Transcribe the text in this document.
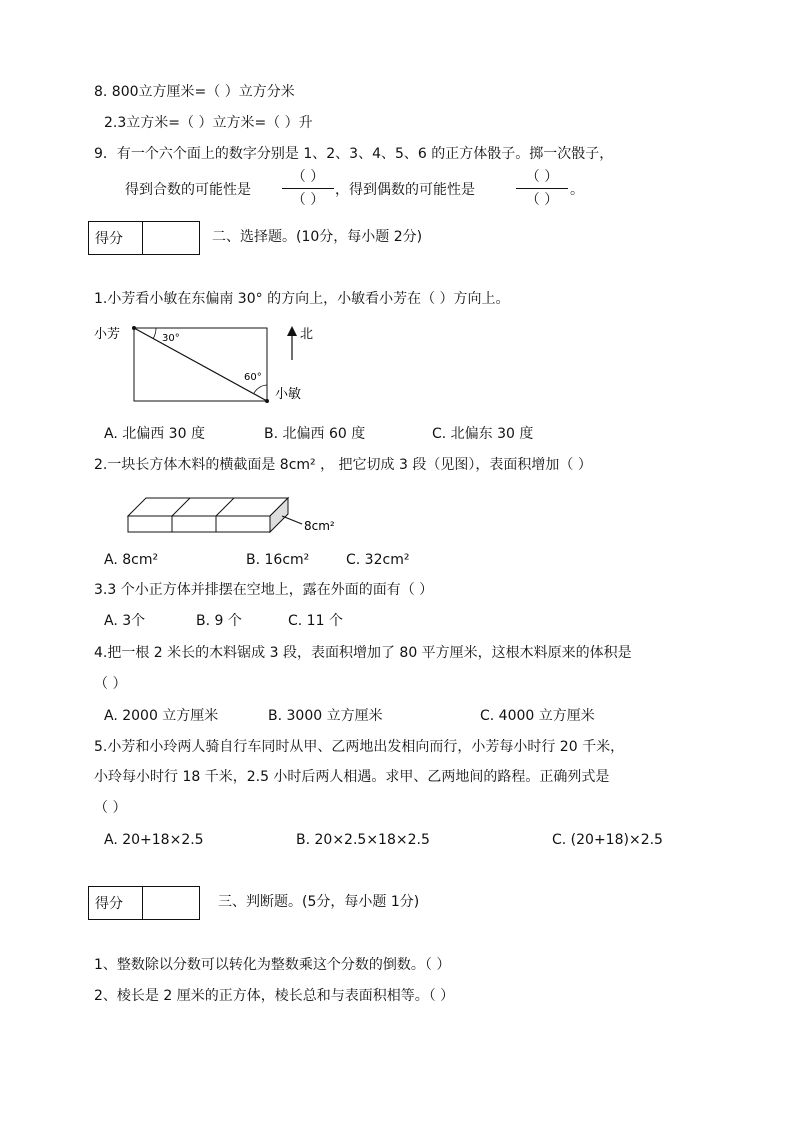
8. 800立方厘米=（ ）立方分米
2.3立方米=（ ）立方米=（ ）升
9．有一个六个面上的数字分别是 1、2、3、4、5、6 的正方体骰子。掷一次骰子，
得到合数的可能性是
（ ）
（ ）
，得到偶数的可能性是
（ ）
（ ）
。
得分	二、选择题。(10分，每小题 2分)
1.小芳看小敏在东偏南 30° 的方向上，小敏看小芳在（ ）方向上。
小芳	30°
60°
小敏
北
A. 北偏西 30 度	B. 北偏西 60 度	C. 北偏东 30 度
2.一块长方体木料的横截面是 8cm² ， 把它切成 3 段（见图），表面积增加（ ）
8cm²
A. 8cm²	B. 16cm²	C. 32cm²
3.3 个小正方体并排摆在空地上，露在外面的面有（ ）
A. 3个	B. 9 个	C. 11 个
4.把一根 2 米长的木料锯成 3 段，表面积增加了 80 平方厘米，这根木料原来的体积是
（ ）
A. 2000 立方厘米	B. 3000 立方厘米	C. 4000 立方厘米
5.小芳和小玲两人骑自行车同时从甲、乙两地出发相向而行，小芳每小时行 20 千米，
小玲每小时行 18 千米，2.5 小时后两人相遇。求甲、乙两地间的路程。正确列式是
（ ）
A. 20+18×2.5	B. 20×2.5×18×2.5	C. (20+18)×2.5
得分	三、判断题。(5分，每小题 1分)
1、整数除以分数可以转化为整数乘这个分数的倒数。（ ）
2、棱长是 2 厘米的正方体，棱长总和与表面积相等。（ ）
